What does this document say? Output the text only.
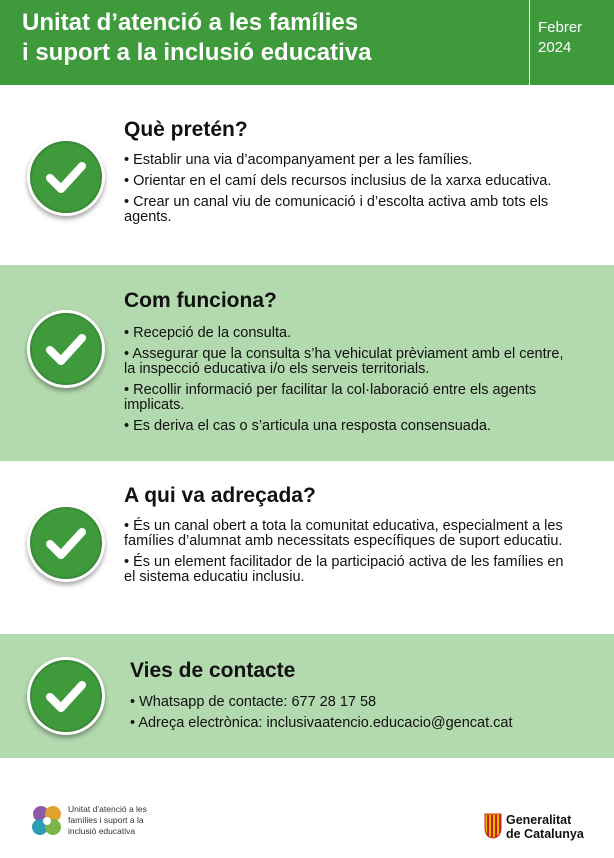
Unitat d’atenció a les famílies
i suport a la inclusió educativa
Febrer
2024
Què pretén?
• Establir una via d’acompanyament per a les famílies.
• Orientar en el camí dels recursos inclusius de la xarxa educativa.
• Crear un canal viu de comunicació i d’escolta activa amb tots els agents.
Com funciona?
• Recepció de la consulta.
• Assegurar que la consulta s’ha vehiculat prèviament amb el centre, la inspecció educativa i/o els serveis territorials.
• Recollir informació per facilitar la col·laboració entre els agents implicats.
• Es deriva el cas o s’articula una resposta consensuada.
A qui va adreçada?
• És un canal obert a tota la comunitat educativa, especialment a les famílies d’alumnat amb necessitats específiques de suport educatiu.
• És un element facilitador de la participació activa de les famílies en el sistema educatiu inclusiu.
Vies de contacte
• Whatsapp de contacte: 677 28 17 58
• Adreça electrònica: inclusivaatencio.educacio@gencat.cat
Unitat d’atenció a les
famílies i suport a la
inclusió educativa
Generalitat
de Catalunya
